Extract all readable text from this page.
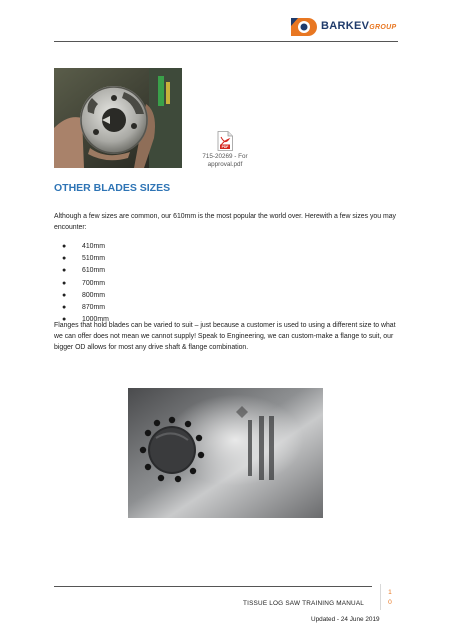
BARKEVGROUP
PDF
715-20269 - For
approval.pdf
OTHER BLADES SIZES
Although a few sizes are common, our 610mm is the most popular the world over. Herewith a few sizes you may encounter:
● 410mm
● 510mm
● 610mm
● 700mm
● 800mm
● 870mm
● 1000mm
Flanges that hold blades can be varied to suit – just because a customer is used to using a different size to what we can offer does not mean we cannot supply! Speak to Engineering, we can custom-make a flange to suit, our bigger OD allows for most any drive shaft & flange combination.
TISSUE LOG SAW TRAINING MANUAL
Updated - 24 June 2019
1
0
